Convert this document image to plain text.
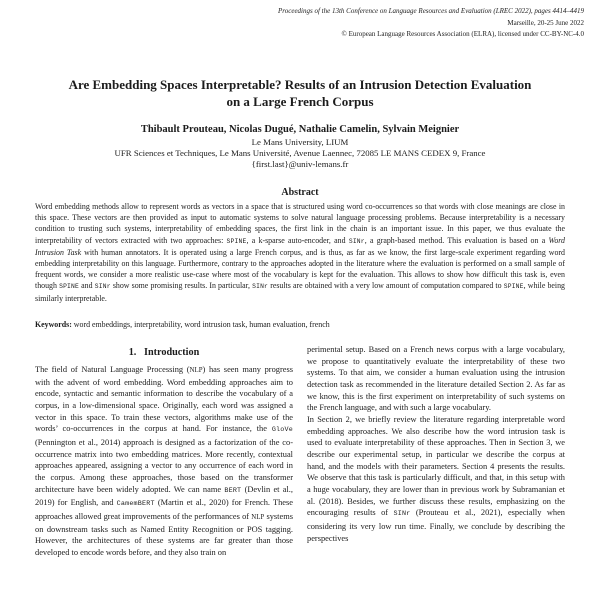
Proceedings of the 13th Conference on Language Resources and Evaluation (LREC 2022), pages 4414–4419
Marseille, 20-25 June 2022
© European Language Resources Association (ELRA), licensed under CC-BY-NC-4.0
Are Embedding Spaces Interpretable? Results of an Intrusion Detection Evaluation on a Large French Corpus
Thibault Prouteau, Nicolas Dugué, Nathalie Camelin, Sylvain Meignier
Le Mans University, LIUM
UFR Sciences et Techniques, Le Mans Université, Avenue Laennec, 72085 LE MANS CEDEX 9, France
{first.last}@univ-lemans.fr
Abstract
Word embedding methods allow to represent words as vectors in a space that is structured using word co-occurrences so that words with close meanings are close in this space. These vectors are then provided as input to automatic systems to solve natural language processing problems. Because interpretability is a necessary condition to trusting such systems, interpretability of embedding spaces, the first link in the chain is an important issue. In this paper, we thus evaluate the interpretability of vectors extracted with two approaches: SPINE, a k-sparse auto-encoder, and SINr, a graph-based method. This evaluation is based on a Word Intrusion Task with human annotators. It is operated using a large French corpus, and is thus, as far as we know, the first large-scale experiment regarding word embedding interpretability on this language. Furthermore, contrary to the approaches adopted in the literature where the evaluation is performed on a small sample of frequent words, we consider a more realistic use-case where most of the vocabulary is kept for the evaluation. This allows to show how difficult this task is, even though SPINE and SINr show some promising results. In particular, SINr results are obtained with a very low amount of computation compared to SPINE, while being similarly interpretable.
Keywords: word embeddings, interpretability, word intrusion task, human evaluation, french
1.  Introduction
The field of Natural Language Processing (NLP) has seen many progress with the advent of word embedding. Word embedding approaches aim to encode, syntactic and semantic information to describe the vocabulary of a corpus, in a low-dimensional space. Originally, each word was assigned a vector in this space. To train these vectors, algorithms make use of the words’ co-occurrences in the corpus at hand. For instance, the GloVe (Pennington et al., 2014) approach is designed as a factorization of the co-occurrence matrix into two embedding matrices. More recently, contextual approaches appeared, assigning a vector to any occurrence of each word in the corpus. Among these approaches, those based on the transformer architecture have been widely adopted. We can name BERT (Devlin et al., 2019) for English, and CamemBERT (Martin et al., 2020) for French. These approaches allowed great improvements of the performances of NLP systems on downstream tasks such as Named Entity Recognition or POS tagging. However, the architectures of these systems are far greater than those developed to encode words before, and they also train on
perimental setup. Based on a French news corpus with a large vocabulary, we propose to quantitatively evaluate the interpretability of these two systems. To that aim, we consider a human evaluation using the intrusion detection task as recommended in the literature detailed Section 2. As far as we know, this is the first experiment on interpretability of such systems on the French language, and with such a large vocabulary.
In Section 2, we briefly review the literature regarding interpretable word embedding approaches. We also describe how the word intrusion task is used to evaluate interpretability of these approaches. Then in Section 3, we describe our experimental setup, in particular we describe the corpus at hand, and the models with their parameters. Section 4 presents the results. We observe that this task is particularly difficult, and that, in this setup with a huge vocabulary, they are lower than in previous work by Subramanian et al. (2018). Besides, we further discuss these results, emphasizing on the encouraging results of SINr (Prouteau et al., 2021), especially when considering its very low run time. Finally, we conclude by describing the perspectives
